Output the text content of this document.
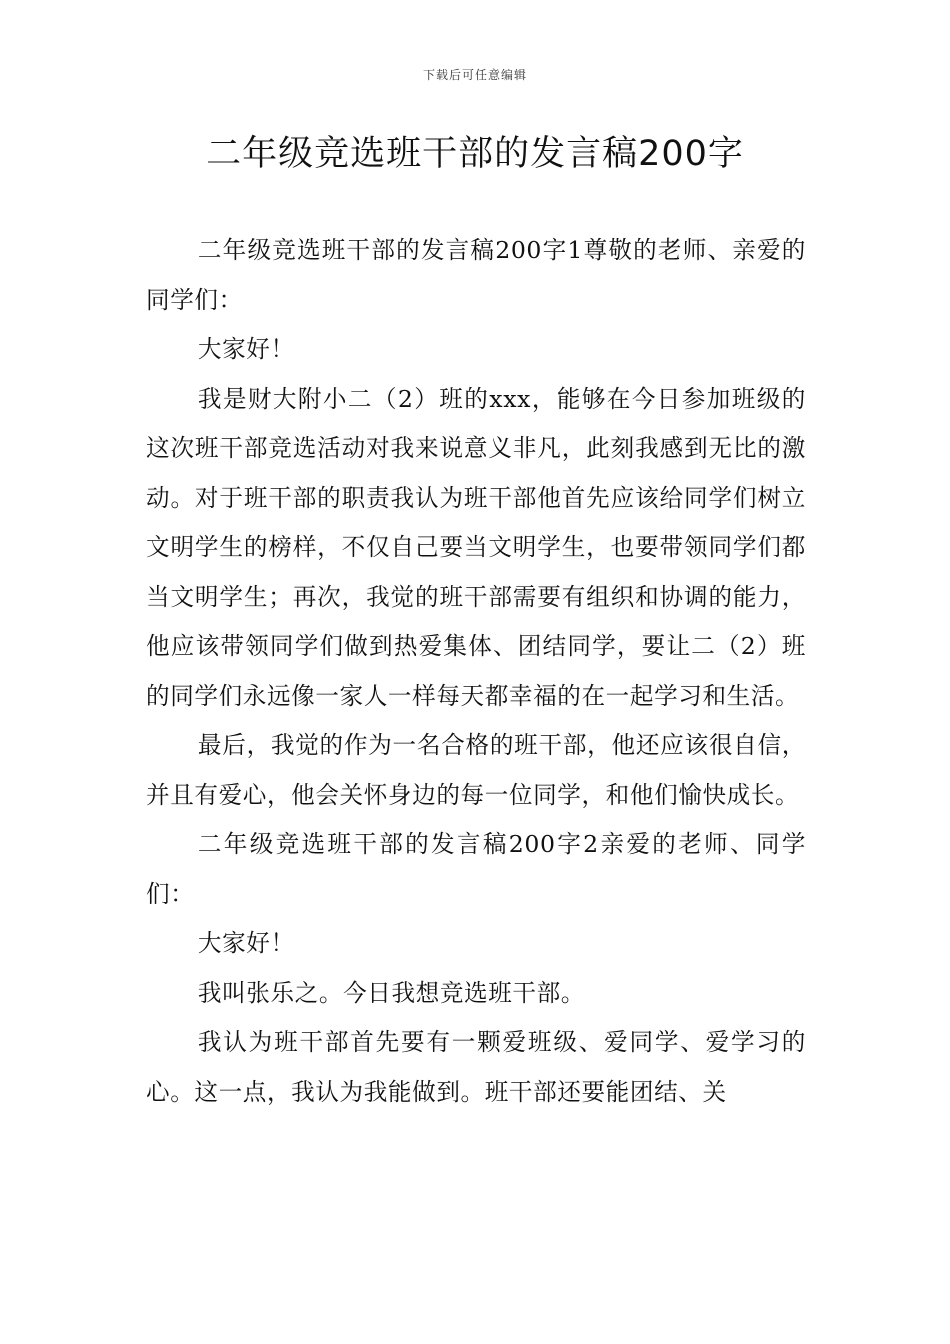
下载后可任意编辑
二年级竞选班干部的发言稿200字

二年级竞选班干部的发言稿200字1尊敬的老师、亲爱的同学们：

大家好！

我是财大附小二（2）班的xxx，能够在今日参加班级的这次班干部竞选活动对我来说意义非凡，此刻我感到无比的激动。对于班干部的职责我认为班干部他首先应该给同学们树立文明学生的榜样，不仅自己要当文明学生，也要带领同学们都当文明学生；再次，我觉的班干部需要有组织和协调的能力，他应该带领同学们做到热爱集体、团结同学，要让二（2）班的同学们永远像一家人一样每天都幸福的在一起学习和生活。

最后，我觉的作为一名合格的班干部，他还应该很自信，并且有爱心，他会关怀身边的每一位同学，和他们愉快成长。

二年级竞选班干部的发言稿200字2亲爱的老师、同学们：

大家好！

我叫张乐之。今日我想竞选班干部。

我认为班干部首先要有一颗爱班级、爱同学、爱学习的心。这一点，我认为我能做到。班干部还要能团结、关
